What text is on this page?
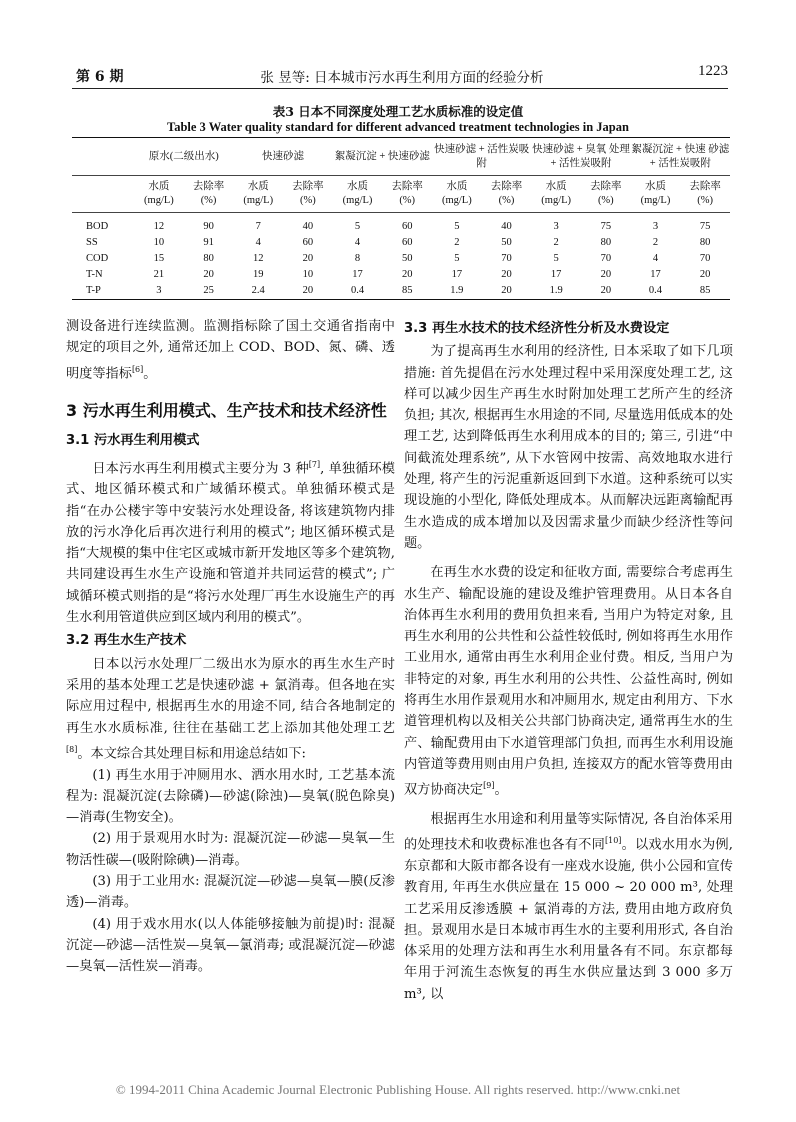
第 6 期	张 昱等: 日本城市污水再生利用方面的经验分析	1223
表3 日本不同深度处理工艺水质标准的设定值
Table 3 Water quality standard for different advanced treatment technologies in Japan
	原水(二级出水)		快速砂滤		絮凝沉淀 + 快速砂滤		快速砂滤 + 活性炭吸附		快速砂滤 + 臭氧 处理 + 活性炭吸附		絮凝沉淀 + 快速 砂滤 + 活性炭吸附	
	水质 (mg/L)	去除率 (%)	水质 (mg/L)	去除率 (%)	水质 (mg/L)	去除率 (%)	水质 (mg/L)	去除率 (%)	水质 (mg/L)	去除率 (%)	水质 (mg/L)	去除率 (%)
BOD	12	90	7	40	5	60	5	40	3	75	3	75
SS	10	91	4	60	4	60	2	50	2	80	2	80
COD	15	80	12	20	8	50	5	70	5	70	4	70
T-N	21	20	19	10	17	20	17	20	17	20	17	20
T-P	3	25	2.4	20	0.4	85	1.9	20	1.9	20	0.4	85

测设备进行连续监测。监测指标除了国土交通省指南中规定的项目之外, 通常还加上 COD、BOD、氮、磷、透明度等指标[6]。

3 污水再生利用模式、生产技术和技术经济性

3.1 污水再生利用模式

日本污水再生利用模式主要分为 3 种[7], 单独循环模式、地区循环模式和广域循环模式。单独循环模式是指“在办公楼宇等中安装污水处理设备, 将该建筑物内排放的污水净化后再次进行利用的模式”; 地区循环模式是指“大规模的集中住宅区或城市新开发地区等多个建筑物, 共同建设再生水生产设施和管道并共同运营的模式”; 广域循环模式则指的是“将污水处理厂再生水设施生产的再生水利用管道供应到区域内利用的模式”。

3.2 再生水生产技术

日本以污水处理厂二级出水为原水的再生水生产时采用的基本处理工艺是快速砂滤 + 氯消毒。但各地在实际应用过程中, 根据再生水的用途不同, 结合各地制定的再生水水质标准, 往往在基础工艺上添加其他处理工艺[8]。本文综合其处理目标和用途总结如下:

(1) 再生水用于冲厕用水、洒水用水时, 工艺基本流程为: 混凝沉淀(去除磷)—砂滤(除浊)—臭氧(脱色除臭)—消毒(生物安全)。

(2) 用于景观用水时为: 混凝沉淀—砂滤—臭氧—生物活性碳—(吸附除碘)—消毒。

(3) 用于工业用水: 混凝沉淀—砂滤—臭氧—膜(反渗透)—消毒。

(4) 用于戏水用水(以人体能够接触为前提)时: 混凝沉淀—砂滤—活性炭—臭氧—氯消毒; 或混凝沉淀—砂滤—臭氧—活性炭—消毒。

3.3 再生水技术的技术经济性分析及水费设定

为了提高再生水利用的经济性, 日本采取了如下几项措施: 首先提倡在污水处理过程中采用深度处理工艺, 这样可以减少因生产再生水时附加处理工艺所产生的经济负担; 其次, 根据再生水用途的不同, 尽量选用低成本的处理工艺, 达到降低再生水利用成本的目的; 第三, 引进“中间截流处理系统”, 从下水管网中按需、高效地取水进行处理, 将产生的污泥重新返回到下水道。这种系统可以实现设施的小型化, 降低处理成本。从而解决远距离输配再生水造成的成本增加以及因需求量少而缺少经济性等问题。

在再生水水费的设定和征收方面, 需要综合考虑再生水生产、输配设施的建设及维护管理费用。从日本各自治体再生水利用的费用负担来看, 当用户为特定对象, 且再生水利用的公共性和公益性较低时, 例如将再生水用作工业用水, 通常由再生水利用企业付费。相反, 当用户为非特定的对象, 再生水利用的公共性、公益性高时, 例如将再生水用作景观用水和冲厕用水, 规定由利用方、下水道管理机构以及相关公共部门协商决定, 通常再生水的生产、输配费用由下水道管理部门负担, 而再生水利用设施内管道等费用则由用户负担, 连接双方的配水管等费用由双方协商决定[9]。

根据再生水用途和利用量等实际情况, 各自治体采用的处理技术和收费标准也各有不同[10]。以戏水用水为例, 东京都和大阪市都各设有一座戏水设施, 供小公园和宣传教育用, 年再生水供应量在 15 000 ~ 20 000 m³, 处理工艺采用反渗透膜 + 氯消毒的方法, 费用由地方政府负担。景观用水是日本城市再生水的主要利用形式, 各自治体采用的处理方法和再生水利用量各有不同。东京都每年用于河流生态恢复的再生水供应量达到 3 000 多万 m³, 以

© 1994-2011 China Academic Journal Electronic Publishing House. All rights reserved. http://www.cnki.net
